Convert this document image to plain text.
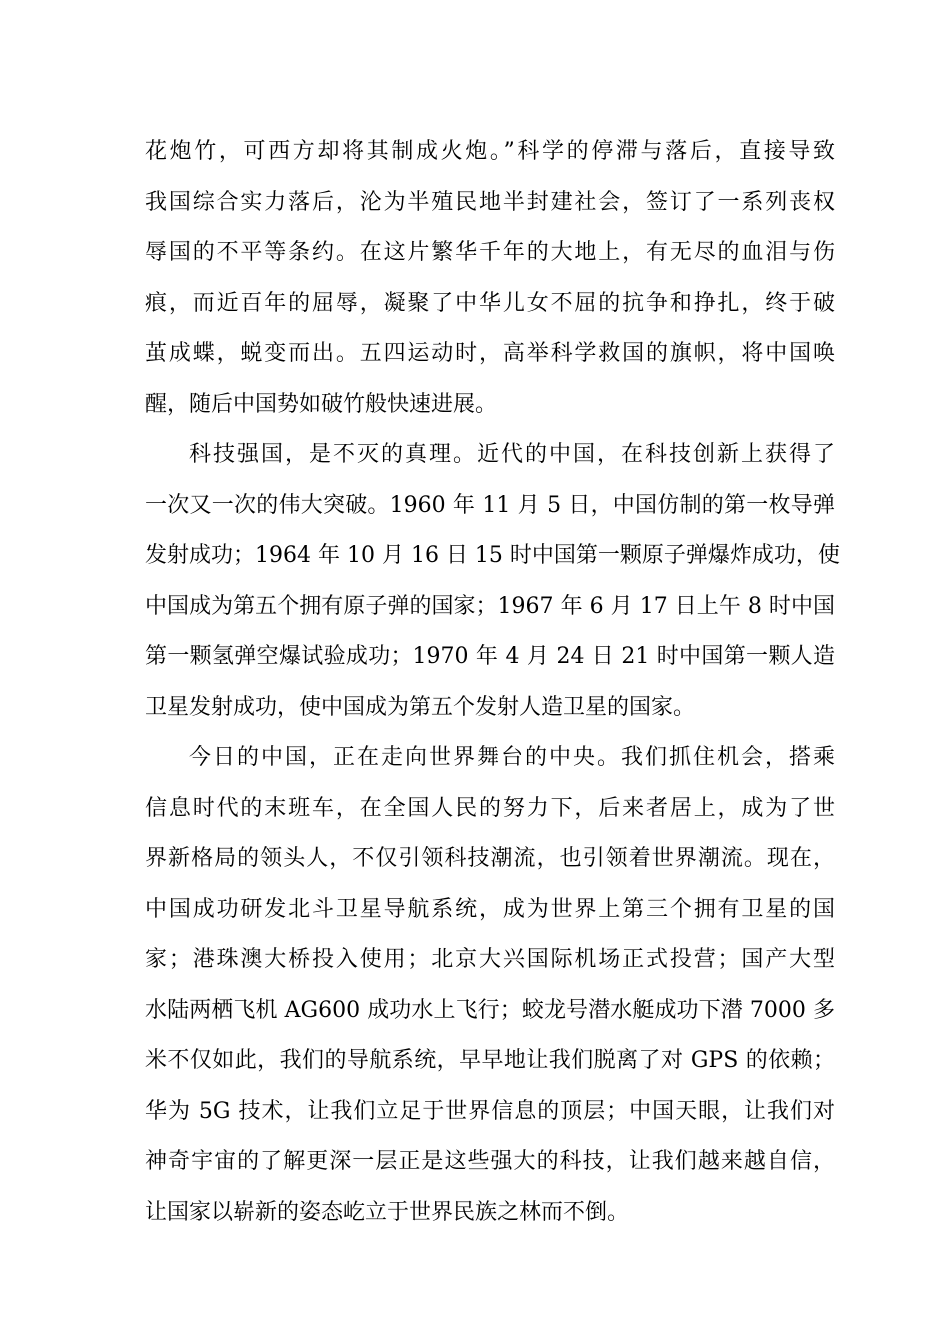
花炮竹，可西方却将其制成火炮。”科学的停滞与落后，直接导致
我国综合实力落后，沦为半殖民地半封建社会，签订了一系列丧权
辱国的不平等条约。在这片繁华千年的大地上，有无尽的血泪与伤
痕，而近百年的屈辱，凝聚了中华儿女不屈的抗争和挣扎，终于破
茧成蝶，蜕变而出。五四运动时，高举科学救国的旗帜，将中国唤
醒，随后中国势如破竹般快速进展。
科技强国，是不灭的真理。近代的中国，在科技创新上获得了
一次又一次的伟大突破。1960 年 11 月 5 日，中国仿制的第一枚导弹
发射成功；1964 年 10 月 16 日 15 时中国第一颗原子弹爆炸成功，使
中国成为第五个拥有原子弹的国家；1967 年 6 月 17 日上午 8 时中国
第一颗氢弹空爆试验成功；1970 年 4 月 24 日 21 时中国第一颗人造
卫星发射成功，使中国成为第五个发射人造卫星的国家。
今日的中国，正在走向世界舞台的中央。我们抓住机会，搭乘
信息时代的末班车，在全国人民的努力下，后来者居上，成为了世
界新格局的领头人，不仅引领科技潮流，也引领着世界潮流。现在，
中国成功研发北斗卫星导航系统，成为世界上第三个拥有卫星的国
家；港珠澳大桥投入使用；北京大兴国际机场正式投营；国产大型
水陆两栖飞机 AG600 成功水上飞行；蛟龙号潜水艇成功下潜 7000 多
米不仅如此，我们的导航系统，早早地让我们脱离了对 GPS 的依赖；
华为 5G 技术，让我们立足于世界信息的顶层；中国天眼，让我们对
神奇宇宙的了解更深一层正是这些强大的科技，让我们越来越自信，
让国家以崭新的姿态屹立于世界民族之林而不倒。
